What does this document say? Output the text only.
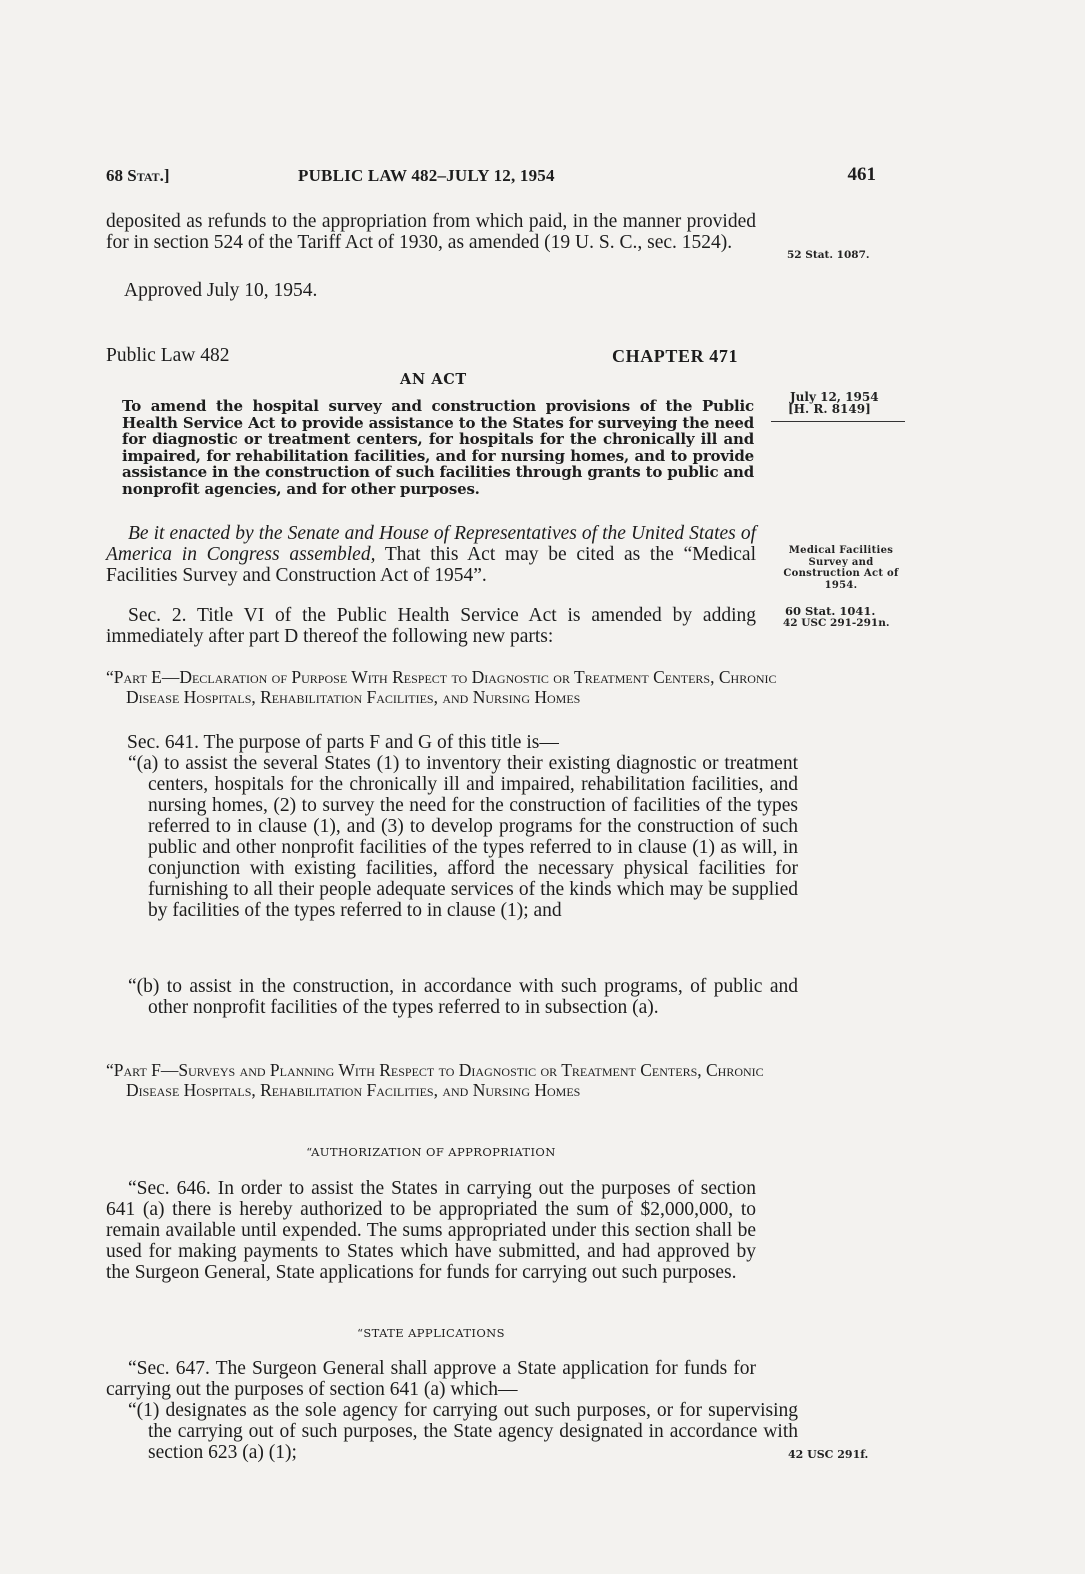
68 Stat.]	PUBLIC LAW 482–JULY 12, 1954	461

deposited as refunds to the appropriation from which paid, in the manner provided for in section 524 of the Tariff Act of 1930, as amended (19 U. S. C., sec. 1524).

Approved July 10, 1954.

Public Law 482	CHAPTER 471
AN ACT

To amend the hospital survey and construction provisions of the Public Health Service Act to provide assistance to the States for surveying the need for diagnostic or treatment centers, for hospitals for the chronically ill and impaired, for rehabilitation facilities, and for nursing homes, and to provide assistance in the construction of such facilities through grants to public and nonprofit agencies, and for other purposes.

Be it enacted by the Senate and House of Representatives of the United States of America in Congress assembled, That this Act may be cited as the “Medical Facilities Survey and Construction Act of 1954”.

Sec. 2. Title VI of the Public Health Service Act is amended by adding immediately after part D thereof the following new parts:

“Part E—Declaration of Purpose With Respect to Diagnostic or Treatment Centers, Chronic Disease Hospitals, Rehabilitation Facilities, and Nursing Homes

Sec. 641. The purpose of parts F and G of this title is—

“(a) to assist the several States (1) to inventory their existing diagnostic or treatment centers, hospitals for the chronically ill and impaired, rehabilitation facilities, and nursing homes, (2) to survey the need for the construction of facilities of the types referred to in clause (1), and (3) to develop programs for the construction of such public and other nonprofit facilities of the types referred to in clause (1) as will, in conjunction with existing facilities, afford the necessary physical facilities for furnishing to all their people adequate services of the kinds which may be supplied by facilities of the types referred to in clause (1); and

“(b) to assist in the construction, in accordance with such programs, of public and other nonprofit facilities of the types referred to in subsection (a).

“Part F—Surveys and Planning With Respect to Diagnostic or Treatment Centers, Chronic Disease Hospitals, Rehabilitation Facilities, and Nursing Homes

“AUTHORIZATION OF APPROPRIATION

“Sec. 646. In order to assist the States in carrying out the purposes of section 641 (a) there is hereby authorized to be appropriated the sum of $2,000,000, to remain available until expended. The sums appropriated under this section shall be used for making payments to States which have submitted, and had approved by the Surgeon General, State applications for funds for carrying out such purposes.

“STATE APPLICATIONS

“Sec. 647. The Surgeon General shall approve a State application for funds for carrying out the purposes of section 641 (a) which—

“(1) designates as the sole agency for carrying out such purposes, or for supervising the carrying out of such purposes, the State agency designated in accordance with section 623 (a) (1);

52 Stat. 1087.
July 12, 1954
[H. R. 8149]
Medical Facilities Survey and Construction Act of 1954.
60 Stat. 1041.
42 USC 291-291n.
42 USC 291f.
